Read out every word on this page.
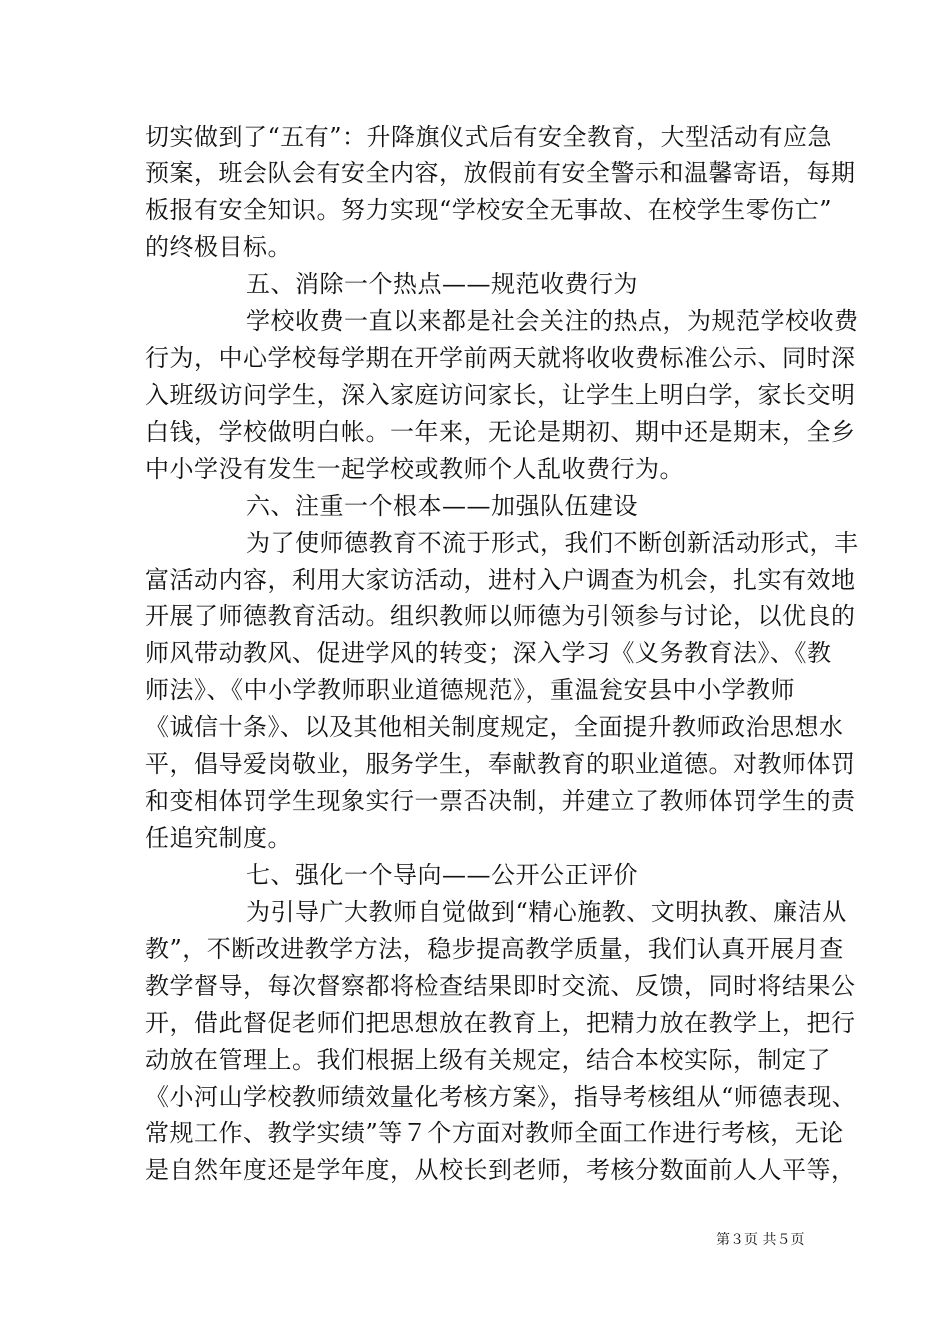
切实做到了“五有”：升降旗仪式后有安全教育，大型活动有应急
预案，班会队会有安全内容，放假前有安全警示和温馨寄语，每期
板报有安全知识。努力实现“学校安全无事故、在校学生零伤亡”
的终极目标。
五、消除一个热点——规范收费行为
学校收费一直以来都是社会关注的热点，为规范学校收费
行为，中心学校每学期在开学前两天就将收收费标准公示、同时深
入班级访问学生，深入家庭访问家长，让学生上明白学，家长交明
白钱，学校做明白帐。一年来，无论是期初、期中还是期末，全乡
中小学没有发生一起学校或教师个人乱收费行为。
六、注重一个根本——加强队伍建设
为了使师德教育不流于形式，我们不断创新活动形式，丰
富活动内容，利用大家访活动，进村入户调查为机会，扎实有效地
开展了师德教育活动。组织教师以师德为引领参与讨论，以优良的
师风带动教风、促进学风的转变；深入学习《义务教育法》、《教
师法》、《中小学教师职业道德规范》，重温瓮安县中小学教师
《诚信十条》、以及其他相关制度规定，全面提升教师政治思想水
平，倡导爱岗敬业，服务学生，奉献教育的职业道德。对教师体罚
和变相体罚学生现象实行一票否决制，并建立了教师体罚学生的责
任追究制度。
七、强化一个导向——公开公正评价
为引导广大教师自觉做到“精心施教、文明执教、廉洁从
教”，不断改进教学方法，稳步提高教学质量，我们认真开展月查
教学督导，每次督察都将检查结果即时交流、反馈，同时将结果公
开，借此督促老师们把思想放在教育上，把精力放在教学上，把行
动放在管理上。我们根据上级有关规定，结合本校实际，制定了
《小河山学校教师绩效量化考核方案》，指导考核组从“师德表现、
常规工作、教学实绩”等７个方面对教师全面工作进行考核，无论
是自然年度还是学年度，从校长到老师，考核分数面前人人平等，
第３页 共５页
